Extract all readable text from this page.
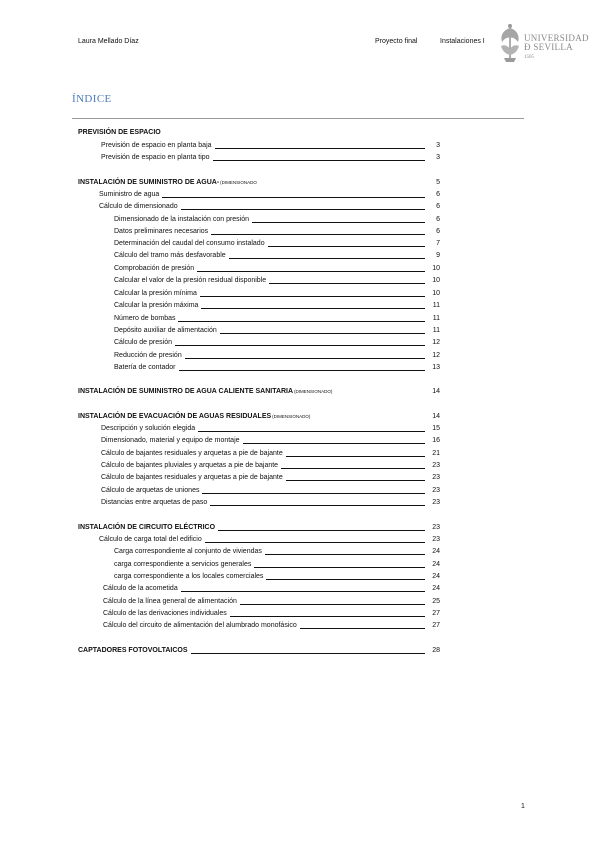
Laura Mellado Díaz	Proyecto final	Instalaciones I	UNIVERSIDAD
Ð SEVILLA
1505
ÍNDICE
PREVISIÓN DE ESPACIO
Previsión de espacio en planta baja	3
Previsión de espacio en planta tipo	3
INSTALACIÓN DE SUMINISTRO DE AGUA- (DIMENSIONADO	5
Suministro de agua	6
Cálculo de dimensionado	6
Dimensionado de la instalación con presión	6
Datos preliminares necesarios	6
Determinación del caudal del consumo instalado	7
Cálculo del tramo más desfavorable	9
Comprobación de presión	10
Calcular el valor de la presión residual disponible	10
Calcular la presión mínima	10
Calcular la presión máxima	11
Número de bombas	11
Depósito auxiliar de alimentación	11
Cálculo de presión	12
Reducción de presión	12
Batería de contador	13
INSTALACIÓN DE SUMINISTRO DE AGUA CALIENTE SANITARIA (DIMENSIONADO)	14
INSTALACIÓN DE EVACUACIÓN DE AGUAS RESIDUALES (DIMENSIONADO)	14
Descripción y solución elegida	15
Dimensionado, material y equipo de montaje	16
Cálculo de bajantes residuales y arquetas a pie de bajante	21
Cálculo de bajantes pluviales y arquetas a pie de bajante	23
Cálculo de bajantes residuales y arquetas a pie de bajante	23
Cálculo de arquetas de uniones	23
Distancias entre arquetas de paso	23
INSTALACIÓN DE CIRCUITO ELÉCTRICO	23
Cálculo de carga total del edificio	23
Carga correspondiente al conjunto de viviendas	24
carga correspondiente a servicios generales	24
carga correspondiente a los locales comerciales	24
Cálculo de la acometida	24
Cálculo de la línea general de alimentación	25
Cálculo de las derivaciones individuales	27
Cálculo del circuito de alimentación del alumbrado monofásico	27
CAPTADORES FOTOVOLTAICOS	28
1
